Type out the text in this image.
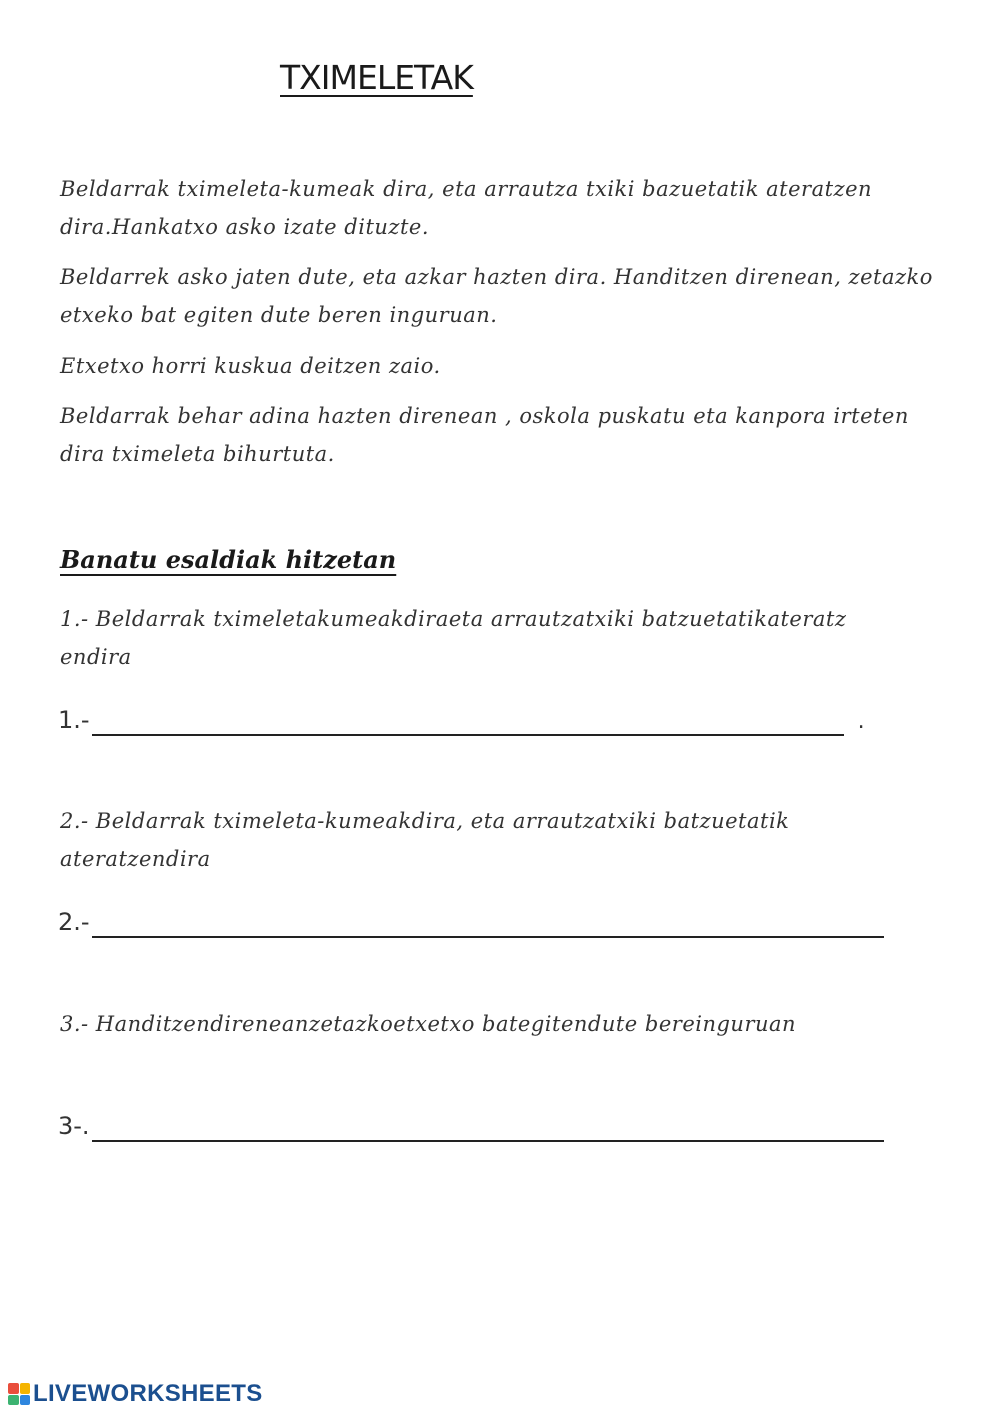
TXIMELETAK

Beldarrak tximeleta-kumeak dira, eta arrautza txiki bazuetatik ateratzen dira.Hankatxo asko izate dituzte.

Beldarrek asko jaten dute, eta azkar hazten dira. Handitzen direnean, zetazko etxeko bat egiten dute beren inguruan.

Etxetxo horri kuskua deitzen zaio.

Beldarrak behar adina hazten direnean , oskola puskatu eta kanpora irteten dira tximeleta bihurtuta.

Banatu esaldiak hitzetan
1.- Beldarrak tximeletakumeakdiraeta arrautzatxiki batzuetatikateratz endira
1.-	.
2.- Beldarrak tximeleta-kumeakdira, eta arrautzatxiki batzuetatik ateratzendira
2.-
3.- Handitzendireneanzetazkoetxetxo bategitendute bereinguruan
3-.
LIVEWORKSHEETS
